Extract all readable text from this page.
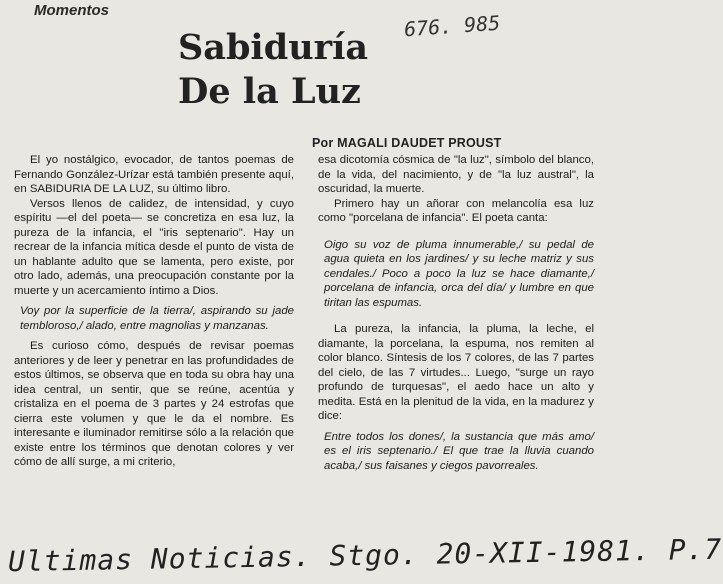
Momentos
676. 985
Sabiduría
De la Luz
Por MAGALI DAUDET PROUST

El yo nostálgico, evocador, de tantos poemas de Fernando González-Urízar está también presente aquí, en SABIDURIA DE LA LUZ, su último libro.

Versos llenos de calidez, de intensidad, y cuyo espíritu —el del poeta— se concretiza en esa luz, la pureza de la infancia, el "iris septenario". Hay un recrear de la infancia mítica desde el punto de vista de un hablante adulto que se lamenta, pero existe, por otro lado, además, una preocupación constante por la muerte y un acercamiento íntimo a Dios.

Voy por la superficie de la tierra/, aspirando su jade tembloroso,/ alado, entre magnolias y manzanas.

Es curioso cómo, después de revisar poemas anteriores y de leer y penetrar en las profundidades de estos últimos, se observa que en toda su obra hay una idea central, un sentir, que se reúne, acentúa y cristaliza en el poema de 3 partes y 24 estrofas que cierra este volumen y que le da el nombre. Es interesante e iluminador remitirse sólo a la relación que existe entre los términos que denotan colores y ver cómo de allí surge, a mi criterio,

esa dicotomía cósmica de "la luz", símbolo del blanco, de la vida, del nacimiento, y de "la luz austral", la oscuridad, la muerte.

Primero hay un añorar con melancolía esa luz como "porcelana de infancia". El poeta canta:

Oigo su voz de pluma innumerable,/ su pedal de agua quieta en los jardines/ y su leche matriz y sus cendales./ Poco a poco la luz se hace diamante,/ porcelana de infancia, orca del día/ y lumbre en que tiritan las espumas.

La pureza, la infancia, la pluma, la leche, el diamante, la porcelana, la espuma, nos remiten al color blanco. Síntesis de los 7 colores, de las 7 partes del cielo, de las 7 virtudes... Luego, "surge un rayo profundo de turquesas", el aedo hace un alto y medita. Está en la plenitud de la vida, en la madurez y dice:

Entre todos los dones/, la sustancia que más amo/ es el iris septenario./ El que trae la lluvia cuando acaba,/ sus faisanes y ciegos pavorreales.

Ultimas Noticias. Stgo. 20-XII-1981. P.7
